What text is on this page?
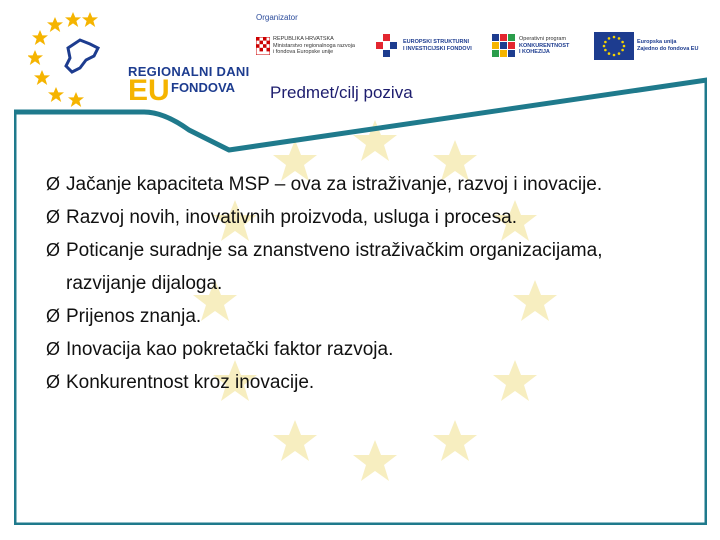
REGIONALNI DANI
EU FONDOVA
Organizator
REPUBLIKA HRVATSKA
Ministarstvo regionalnoga razvoja
i fondova Europske unije
EUROPSKI STRUKTURNI
I INVESTICIJSKI FONDOVI
Operativni program
KONKURENTNOST
I KOHEZIJA
Europska unija
Zajedno do fondova EU
Predmet/cilj poziva
Ø Jačanje kapaciteta MSP – ova za istraživanje, razvoj i inovacije.
Ø Razvoj novih, inovativnih proizvoda, usluga i procesa.
Ø Poticanje suradnje sa znanstveno istraživačkim organizacijama, razvijanje dijaloga.
Ø Prijenos znanja.
Ø Inovacija kao pokretački faktor razvoja.
Ø Konkurentnost kroz inovacije.
